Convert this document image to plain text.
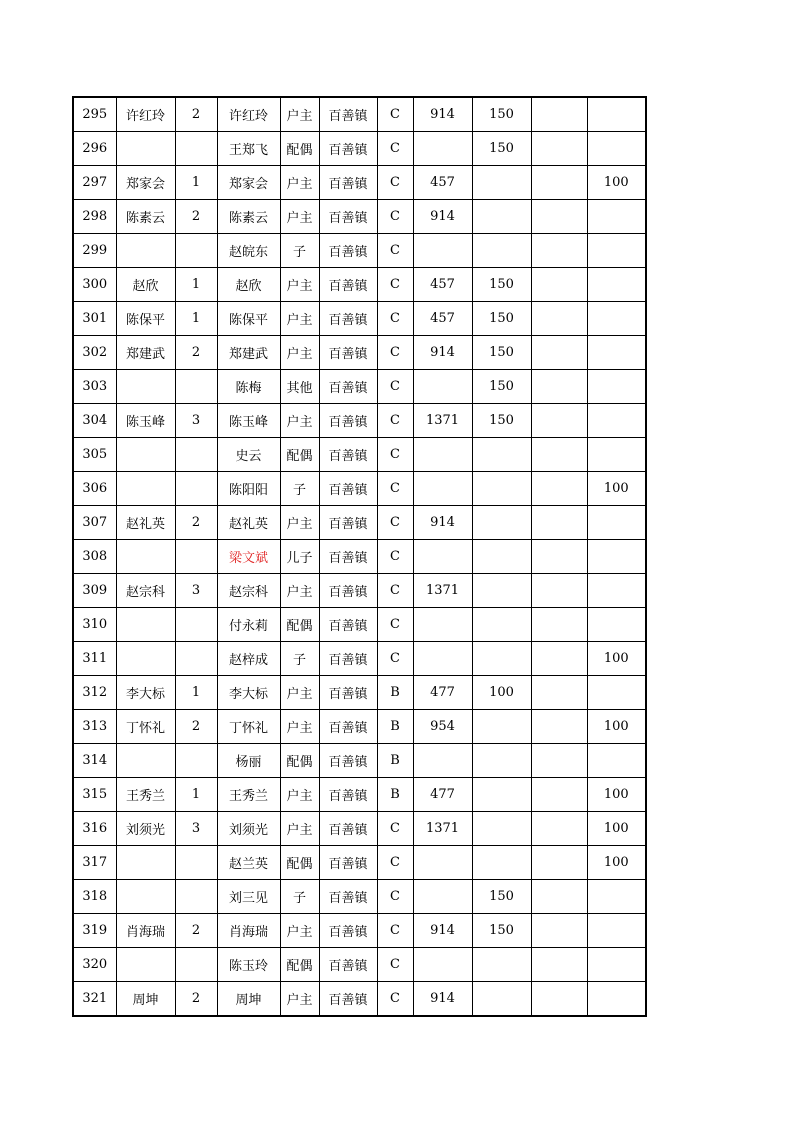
295	许红玲	2	许红玲	户主	百善镇	C	914	150		
296			王郑飞	配偶	百善镇	C		150		
297	郑家会	1	郑家会	户主	百善镇	C	457			100
298	陈素云	2	陈素云	户主	百善镇	C	914			
299			赵皖东	子	百善镇	C				
300	赵欣	1	赵欣	户主	百善镇	C	457	150		
301	陈保平	1	陈保平	户主	百善镇	C	457	150		
302	郑建武	2	郑建武	户主	百善镇	C	914	150		
303			陈梅	其他	百善镇	C		150		
304	陈玉峰	3	陈玉峰	户主	百善镇	C	1371	150		
305			史云	配偶	百善镇	C				
306			陈阳阳	子	百善镇	C				100
307	赵礼英	2	赵礼英	户主	百善镇	C	914			
308			梁文斌	儿子	百善镇	C				
309	赵宗科	3	赵宗科	户主	百善镇	C	1371			
310			付永莉	配偶	百善镇	C				
311			赵梓成	子	百善镇	C				100
312	李大标	1	李大标	户主	百善镇	B	477	100		
313	丁怀礼	2	丁怀礼	户主	百善镇	B	954			100
314			杨丽	配偶	百善镇	B				
315	王秀兰	1	王秀兰	户主	百善镇	B	477			100
316	刘须光	3	刘须光	户主	百善镇	C	1371			100
317			赵兰英	配偶	百善镇	C				100
318			刘三见	子	百善镇	C		150		
319	肖海瑞	2	肖海瑞	户主	百善镇	C	914	150		
320			陈玉玲	配偶	百善镇	C				
321	周坤	2	周坤	户主	百善镇	C	914			
